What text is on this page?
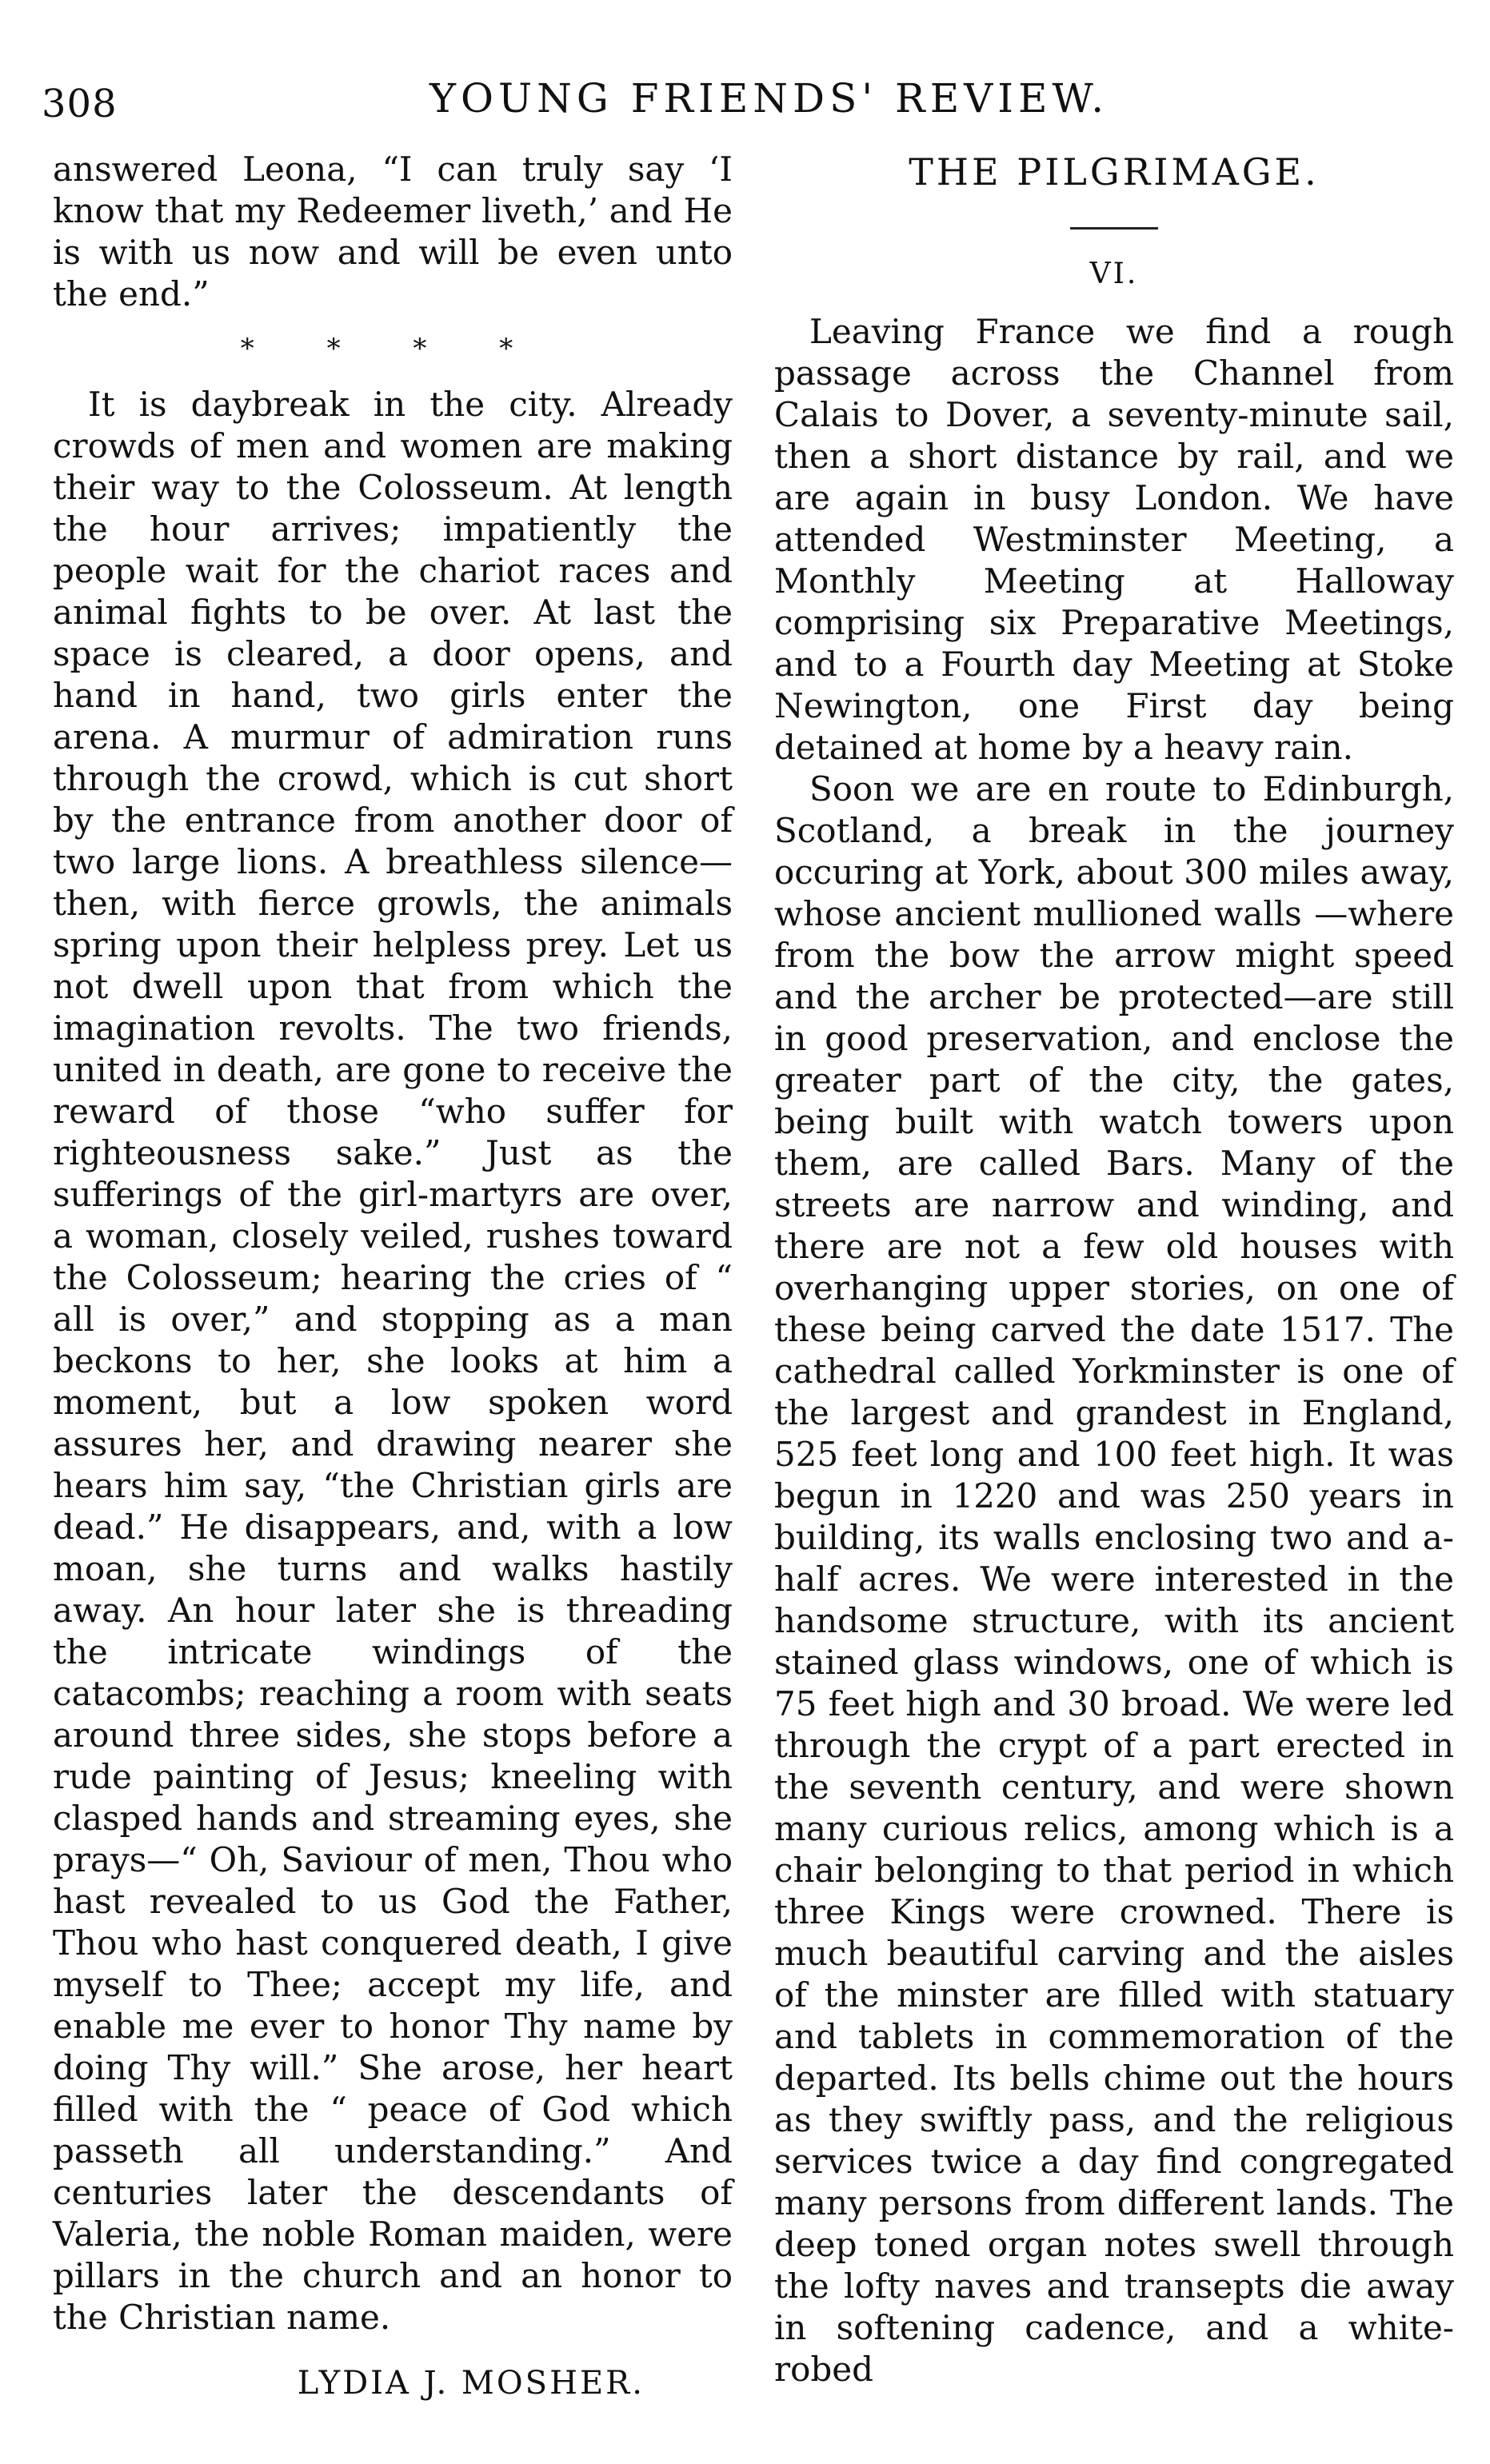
308	YOUNG FRIENDS' REVIEW.

answered Leona, “I can truly say ‘I know that my Redeemer liveth,’ and He is with us now and will be even unto the end.”

* * * *

It is daybreak in the city. Already crowds of men and women are making their way to the Colosseum. At length the hour arrives; impatiently the people wait for the chariot races and animal fights to be over. At last the space is cleared, a door opens, and hand in hand, two girls enter the arena. A murmur of admiration runs through the crowd, which is cut short by the entrance from another door of two large lions. A breathless silence—then, with fierce growls, the animals spring upon their helpless prey. Let us not dwell upon that from which the imagination revolts. The two friends, united in death, are gone to receive the reward of those “who suffer for righteousness sake.” Just as the sufferings of the girl-martyrs are over, a woman, closely veiled, rushes toward the Colosseum; hearing the cries of “ all is over,” and stopping as a man beckons to her, she looks at him a moment, but a low spoken word assures her, and drawing nearer she hears him say, “the Christian girls are dead.” He disappears, and, with a low moan, she turns and walks hastily away. An hour later she is threading the intricate windings of the catacombs; reaching a room with seats around three sides, she stops before a rude painting of Jesus; kneeling with clasped hands and streaming eyes, she prays—“ Oh, Saviour of men, Thou who hast revealed to us God the Father, Thou who hast conquered death, I give myself to Thee; accept my life, and enable me ever to honor Thy name by doing Thy will.” She arose, her heart filled with the “ peace of God which passeth all understanding.” And centuries later the descendants of Valeria, the noble Roman maiden, were pillars in the church and an honor to the Christian name.

LYDIA J. MOSHER.
THE PILGRIMAGE.
VI.

Leaving France we find a rough passage across the Channel from Calais to Dover, a seventy-minute sail, then a short distance by rail, and we are again in busy London. We have attended Westminster Meeting, a Monthly Meeting at Halloway comprising six Preparative Meetings, and to a Fourth day Meeting at Stoke Newington, one First day being detained at home by a heavy rain.

Soon we are en route to Edinburgh, Scotland, a break in the journey occuring at York, about 300 miles away, whose ancient mullioned walls —where from the bow the arrow might speed and the archer be protected—are still in good preservation, and enclose the greater part of the city, the gates, being built with watch towers upon them, are called Bars. Many of the streets are narrow and winding, and there are not a few old houses with overhanging upper stories, on one of these being carved the date 1517. The cathedral called Yorkminster is one of the largest and grandest in England, 525 feet long and 100 feet high. It was begun in 1220 and was 250 years in building, its walls enclosing two and a-half acres. We were interested in the handsome structure, with its ancient stained glass windows, one of which is 75 feet high and 30 broad. We were led through the crypt of a part erected in the seventh century, and were shown many curious relics, among which is a chair belonging to that period in which three Kings were crowned. There is much beautiful carving and the aisles of the minster are filled with statuary and tablets in commemoration of the departed. Its bells chime out the hours as they swiftly pass, and the religious services twice a day find congregated many persons from different lands. The deep toned organ notes swell through the lofty naves and transepts die away in softening cadence, and a white-robed
